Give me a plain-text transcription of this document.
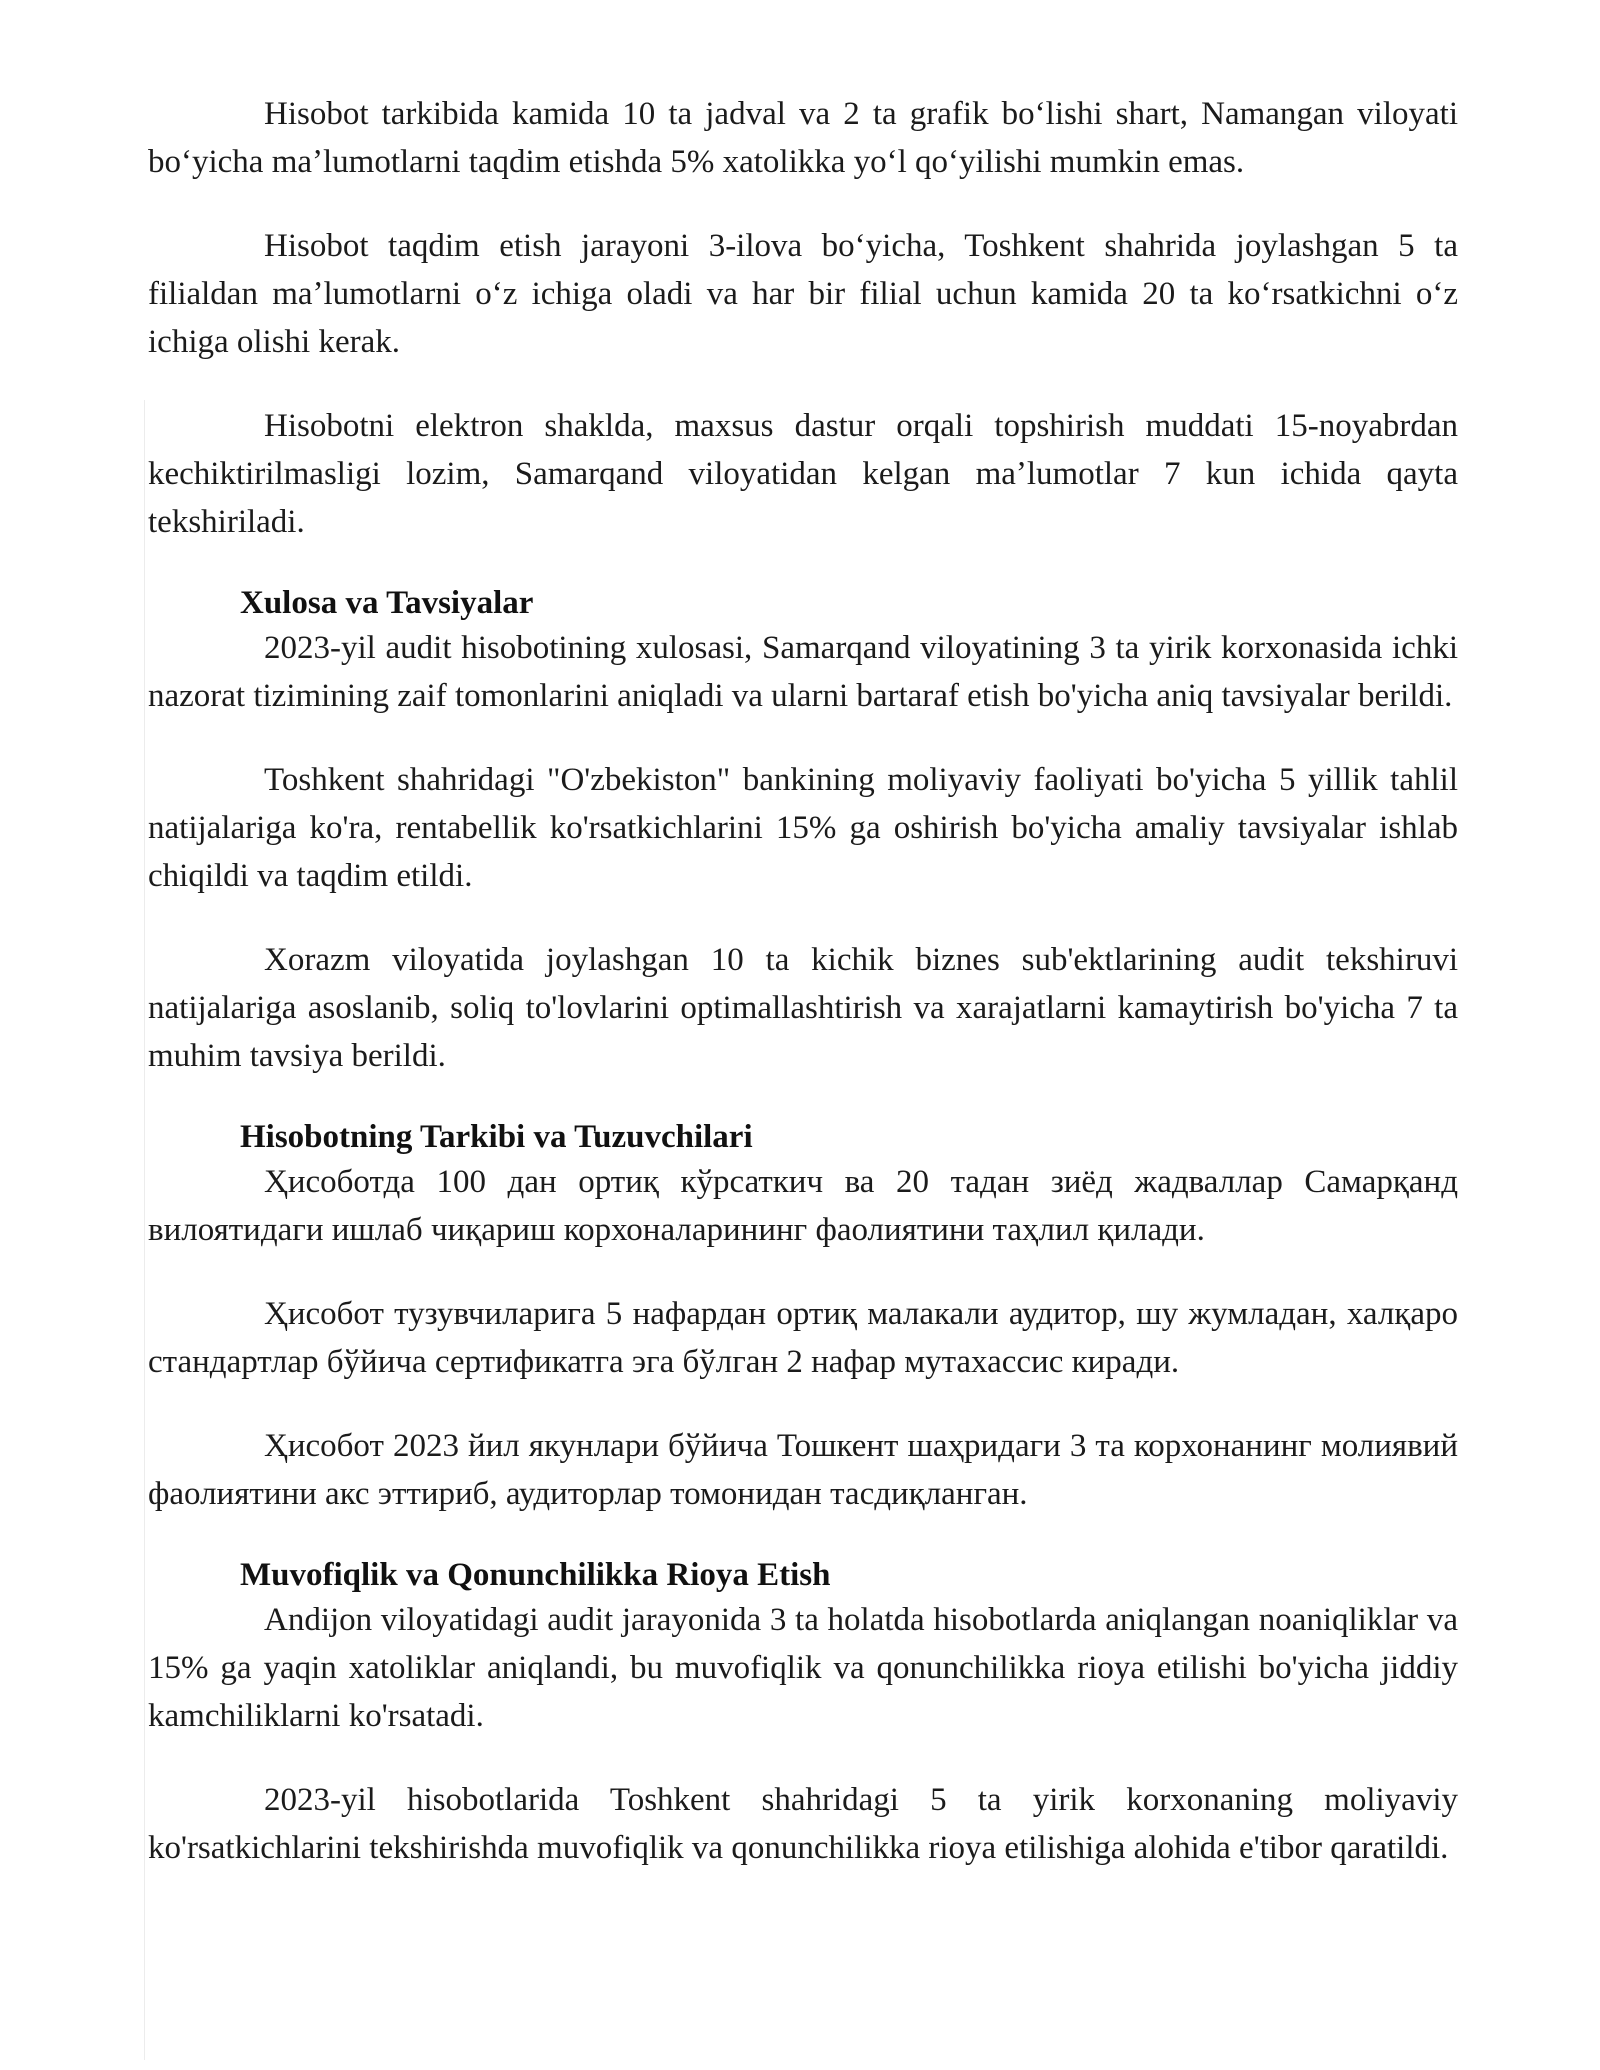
Hisobot tarkibida kamida 10 ta jadval va 2 ta grafik boʻlishi shart, Namangan viloyati boʻyicha maʼlumotlarni taqdim etishda 5% xatolikka yoʻl qoʻyilishi mumkin emas.

Hisobot taqdim etish jarayoni 3-ilova boʻyicha, Toshkent shahrida joylashgan 5 ta filialdan maʼlumotlarni oʻz ichiga oladi va har bir filial uchun kamida 20 ta koʻrsatkichni oʻz ichiga olishi kerak.

Hisobotni elektron shaklda, maxsus dastur orqali topshirish muddati 15-noyabrdan kechiktirilmasligi lozim, Samarqand viloyatidan kelgan maʼlumotlar 7 kun ichida qayta tekshiriladi.

Xulosa va Tavsiyalar

2023-yil audit hisobotining xulosasi, Samarqand viloyatining 3 ta yirik korxonasida ichki nazorat tizimining zaif tomonlarini aniqladi va ularni bartaraf etish bo'yicha aniq tavsiyalar berildi.

Toshkent shahridagi "O'zbekiston" bankining moliyaviy faoliyati bo'yicha 5 yillik tahlil natijalariga ko'ra, rentabellik ko'rsatkichlarini 15% ga oshirish bo'yicha amaliy tavsiyalar ishlab chiqildi va taqdim etildi.

Xorazm viloyatida joylashgan 10 ta kichik biznes sub'ektlarining audit tekshiruvi natijalariga asoslanib, soliq to'lovlarini optimallashtirish va xarajatlarni kamaytirish bo'yicha 7 ta muhim tavsiya berildi.

Hisobotning Tarkibi va Tuzuvchilari

Ҳисоботда 100 дан ортиқ кўрсаткич ва 20 тадан зиёд жадваллар Самарқанд вилоятидаги ишлаб чиқариш корхоналарининг фаолиятини таҳлил қилади.

Ҳисобот тузувчиларига 5 нафардан ортиқ малакали аудитор, шу жумладан, халқаро стандартлар бўйича сертификатга эга бўлган 2 нафар мутахассис киради.

Ҳисобот 2023 йил якунлари бўйича Тошкент шаҳридаги 3 та корхонанинг молиявий фаолиятини акс эттириб, аудиторлар томонидан тасдиқланган.

Muvofiqlik va Qonunchilikka Rioya Etish

Andijon viloyatidagi audit jarayonida 3 ta holatda hisobotlarda aniqlangan noaniqliklar va 15% ga yaqin xatoliklar aniqlandi, bu muvofiqlik va qonunchilikka rioya etilishi bo'yicha jiddiy kamchiliklarni ko'rsatadi.

2023-yil hisobotlarida Toshkent shahridagi 5 ta yirik korxonaning moliyaviy ko'rsatkichlarini tekshirishda muvofiqlik va qonunchilikka rioya etilishiga alohida e'tibor qaratildi.
